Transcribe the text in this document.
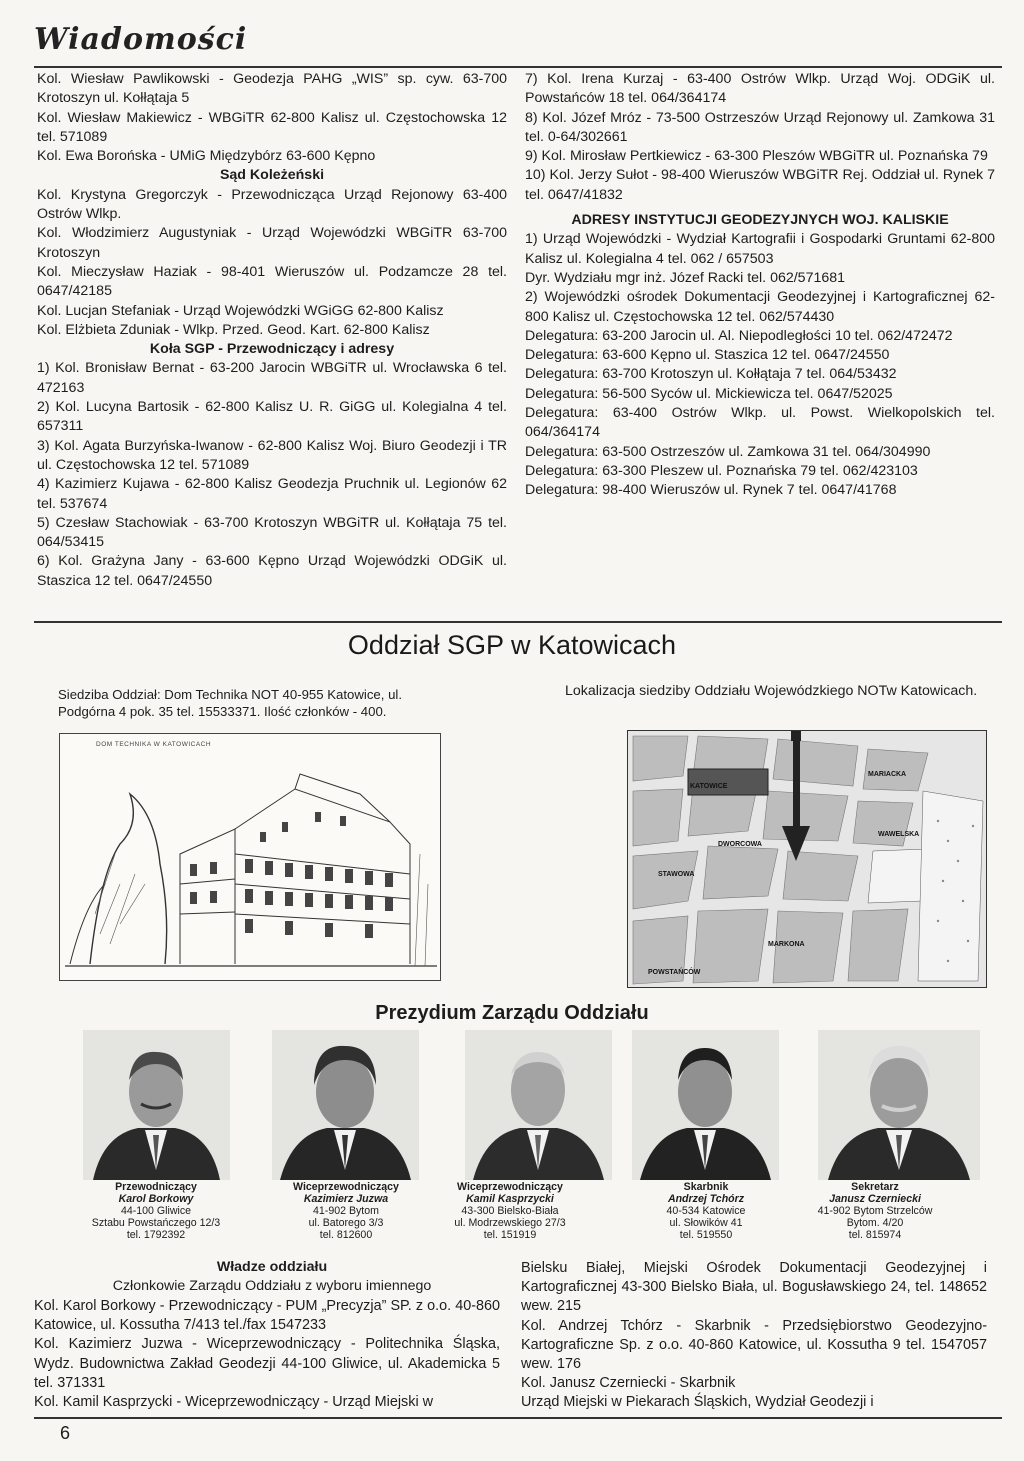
Wiadomości

Kol. Wiesław Pawlikowski - Geodezja PAHG „WIS” sp. cyw. 63-700 Krotoszyn ul. Kołłątaja 5

Kol. Wiesław Makiewicz - WBGiTR 62-800 Kalisz ul. Częstochowska 12 tel. 571089

Kol. Ewa Borońska - UMiG Międzybórz 63-600 Kępno

Sąd Koleżeński

Kol. Krystyna Gregorczyk - Przewodnicząca Urząd Rejonowy 63-400 Ostrów Wlkp.

Kol. Włodzimierz Augustyniak - Urząd Wojewódzki WBGiTR 63-700 Krotoszyn

Kol. Mieczysław Haziak - 98-401 Wieruszów ul. Podzamcze 28 tel. 0647/42185

Kol. Lucjan Stefaniak - Urząd Wojewódzki WGiGG 62-800 Kalisz

Kol. Elżbieta Zduniak - Wlkp. Przed. Geod. Kart. 62-800 Kalisz

Koła SGP - Przewodniczący i adresy

1) Kol. Bronisław Bernat - 63-200 Jarocin WBGiTR ul. Wrocławska 6 tel. 472163

2) Kol. Lucyna Bartosik - 62-800 Kalisz U. R. GiGG ul. Kolegialna 4 tel. 657311

3) Kol. Agata Burzyńska-Iwanow - 62-800 Kalisz Woj. Biuro Geodezji i TR ul. Częstochowska 12 tel. 571089

4) Kazimierz Kujawa - 62-800 Kalisz Geodezja Pruchnik ul. Legionów 62 tel. 537674

5) Czesław Stachowiak - 63-700 Krotoszyn WBGiTR ul. Kołłątaja 75 tel. 064/53415

6) Kol. Grażyna Jany - 63-600 Kępno Urząd Wojewódzki ODGiK ul. Staszica 12 tel. 0647/24550

7) Kol. Irena Kurzaj - 63-400 Ostrów Wlkp. Urząd Woj. ODGiK ul. Powstańców 18 tel. 064/364174

8) Kol. Józef Mróz - 73-500 Ostrzeszów Urząd Rejonowy ul. Zamkowa 31 tel. 0-64/302661

9) Kol. Mirosław Pertkiewicz - 63-300 Pleszów WBGiTR ul. Poznańska 79

10) Kol. Jerzy Sułot - 98-400 Wieruszów WBGiTR Rej. Oddział ul. Rynek 7 tel. 0647/41832

ADRESY INSTYTUCJI GEODEZYJNYCH WOJ. KALISKIE

1) Urząd Wojewódzki - Wydział Kartografii i Gospodarki Gruntami 62-800 Kalisz ul. Kolegialna 4 tel. 062 / 657503

Dyr. Wydziału mgr inż. Józef Racki tel. 062/571681

2) Wojewódzki ośrodek Dokumentacji Geodezyjnej i Kartograficznej 62-800 Kalisz ul. Częstochowska 12 tel. 062/574430

Delegatura: 63-200 Jarocin ul. Al. Niepodległości 10 tel. 062/472472

Delegatura: 63-600 Kępno ul. Staszica 12 tel. 0647/24550

Delegatura: 63-700 Krotoszyn ul. Kołłątaja 7 tel. 064/53432

Delegatura: 56-500 Syców ul. Mickiewicza tel. 0647/52025

Delegatura: 63-400 Ostrów Wlkp. ul. Powst. Wielkopolskich tel. 064/364174

Delegatura: 63-500 Ostrzeszów ul. Zamkowa 31 tel. 064/304990

Delegatura: 63-300 Pleszew ul. Poznańska 79 tel. 062/423103

Delegatura: 98-400 Wieruszów ul. Rynek 7 tel. 0647/41768

Oddział SGP w Katowicach
Siedziba Oddział: Dom Technika NOT 40-955 Katowice, ul. Podgórna 4 pok. 35 tel. 15533371. Ilość członków - 400.
Lokalizacja siedziby Oddziału Wojewódzkiego NOTw Katowicach.
DOM TECHNIKA W KATOWICACH
KATOWICE
MARIACKA
POWSTAŃCÓW
MARKONA
WAWELSKA
DWORCOWA
STAWOWA
Prezydium Zarządu Oddziału
Przewodniczący
Karol Borkowy
44-100 Gliwice
Sztabu Powstańczego 12/3
tel. 1792392
Wiceprzewodniczący
Kazimierz Juzwa
41-902 Bytom
ul. Batorego 3/3
tel. 812600
Wiceprzewodniczący
Kamil Kasprzycki
43-300 Bielsko-Biała
ul. Modrzewskiego 27/3
tel. 151919
Skarbnik
Andrzej Tchórz
40-534 Katowice
ul. Słowików 41
tel. 519550
Sekretarz
Janusz Czerniecki
41-902 Bytom Strzelców
Bytom. 4/20
tel. 815974
Władze oddziału
Członkowie Zarządu Oddziału z wyboru imiennego

Kol. Karol Borkowy - Przewodniczący - PUM „Precyzja” SP. z o.o. 40-860 Katowice, ul. Kossutha 7/413 tel./fax 1547233

Kol. Kazimierz Juzwa - Wiceprzewodniczący - Politechnika Śląska, Wydz. Budownictwa Zakład Geodezji 44-100 Gliwice, ul. Akademicka 5 tel. 371331

Kol. Kamil Kasprzycki - Wiceprzewodniczący - Urząd Miejski w

Bielsku Białej, Miejski Ośrodek Dokumentacji Geodezyjnej i Kartograficznej 43-300 Bielsko Biała, ul. Bogusławskiego 24, tel. 148652 wew. 215

Kol. Andrzej Tchórz - Skarbnik - Przedsiębiorstwo Geodezyjno-Kartograficzne Sp. z o.o. 40-860 Katowice, ul. Kossutha 9 tel. 1547057 wew. 176

Kol. Janusz Czerniecki - Skarbnik

Urząd Miejski w Piekarach Śląskich, Wydział Geodezji i

6
